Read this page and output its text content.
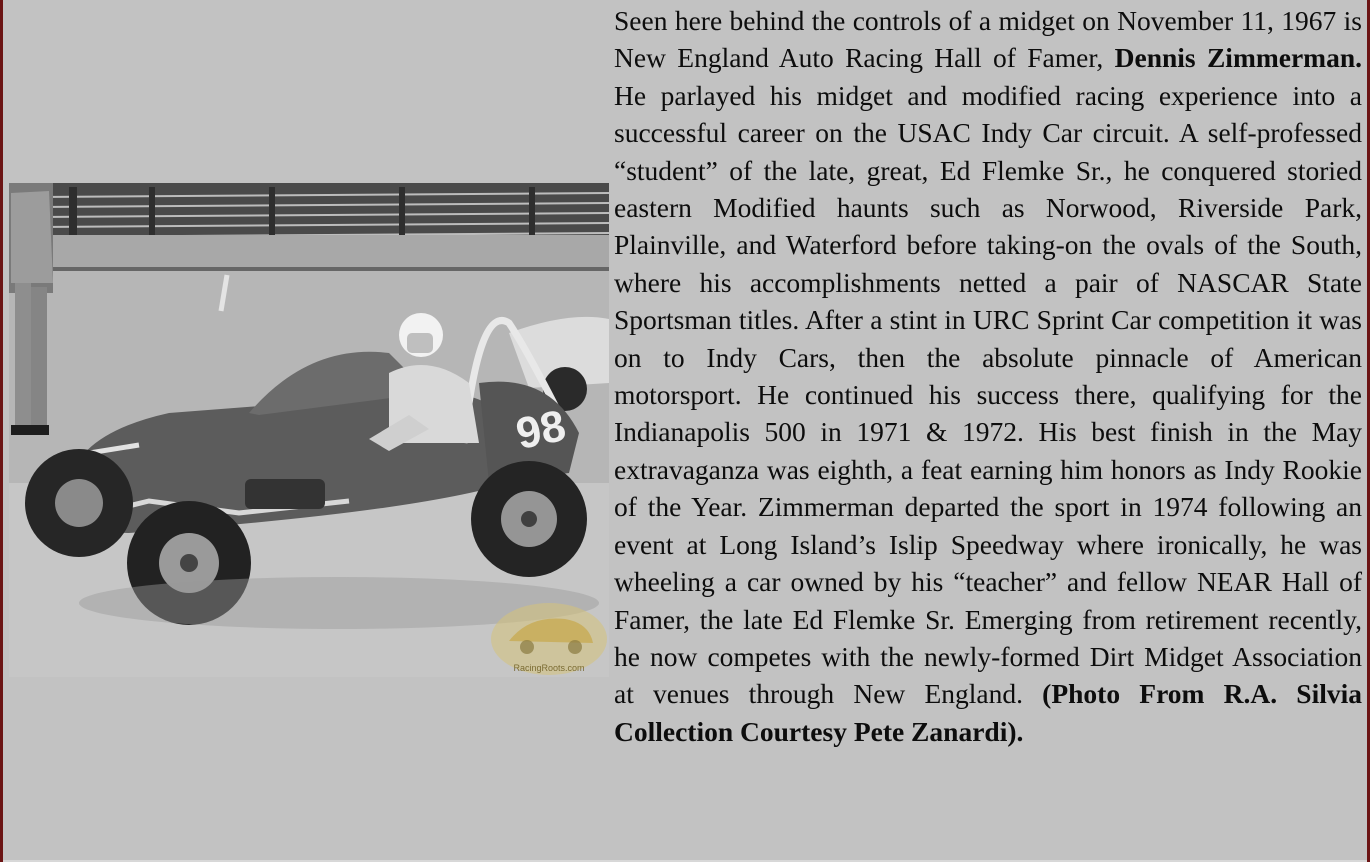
98
RacingRoots.com

Seen here behind the controls of a midget on November 11, 1967 is New England Auto Racing Hall of Famer, Dennis Zimmerman. He parlayed his midget and modified racing experience into a successful career on the USAC Indy Car circuit. A self-professed “student” of the late, great, Ed Flemke Sr., he conquered storied eastern Modified haunts such as Norwood, Riverside Park, Plainville, and Waterford before taking-on the ovals of the South, where his accomplishments netted a pair of NASCAR State Sportsman titles. After a stint in URC Sprint Car competition it was on to Indy Cars, then the absolute pinnacle of American motorsport. He continued his success there, qualifying for the Indianapolis 500 in 1971 & 1972. His best finish in the May extravaganza was eighth, a feat earning him honors as Indy Rookie of the Year. Zimmerman departed the sport in 1974 following an event at Long Island’s Islip Speedway where ironically, he was wheeling a car owned by his “teacher” and fellow NEAR Hall of Famer, the late Ed Flemke Sr. Emerging from retirement recently, he now competes with the newly-formed Dirt Midget Association at venues through New England. (Photo From R.A. Silvia Collection Courtesy Pete Zanardi).
